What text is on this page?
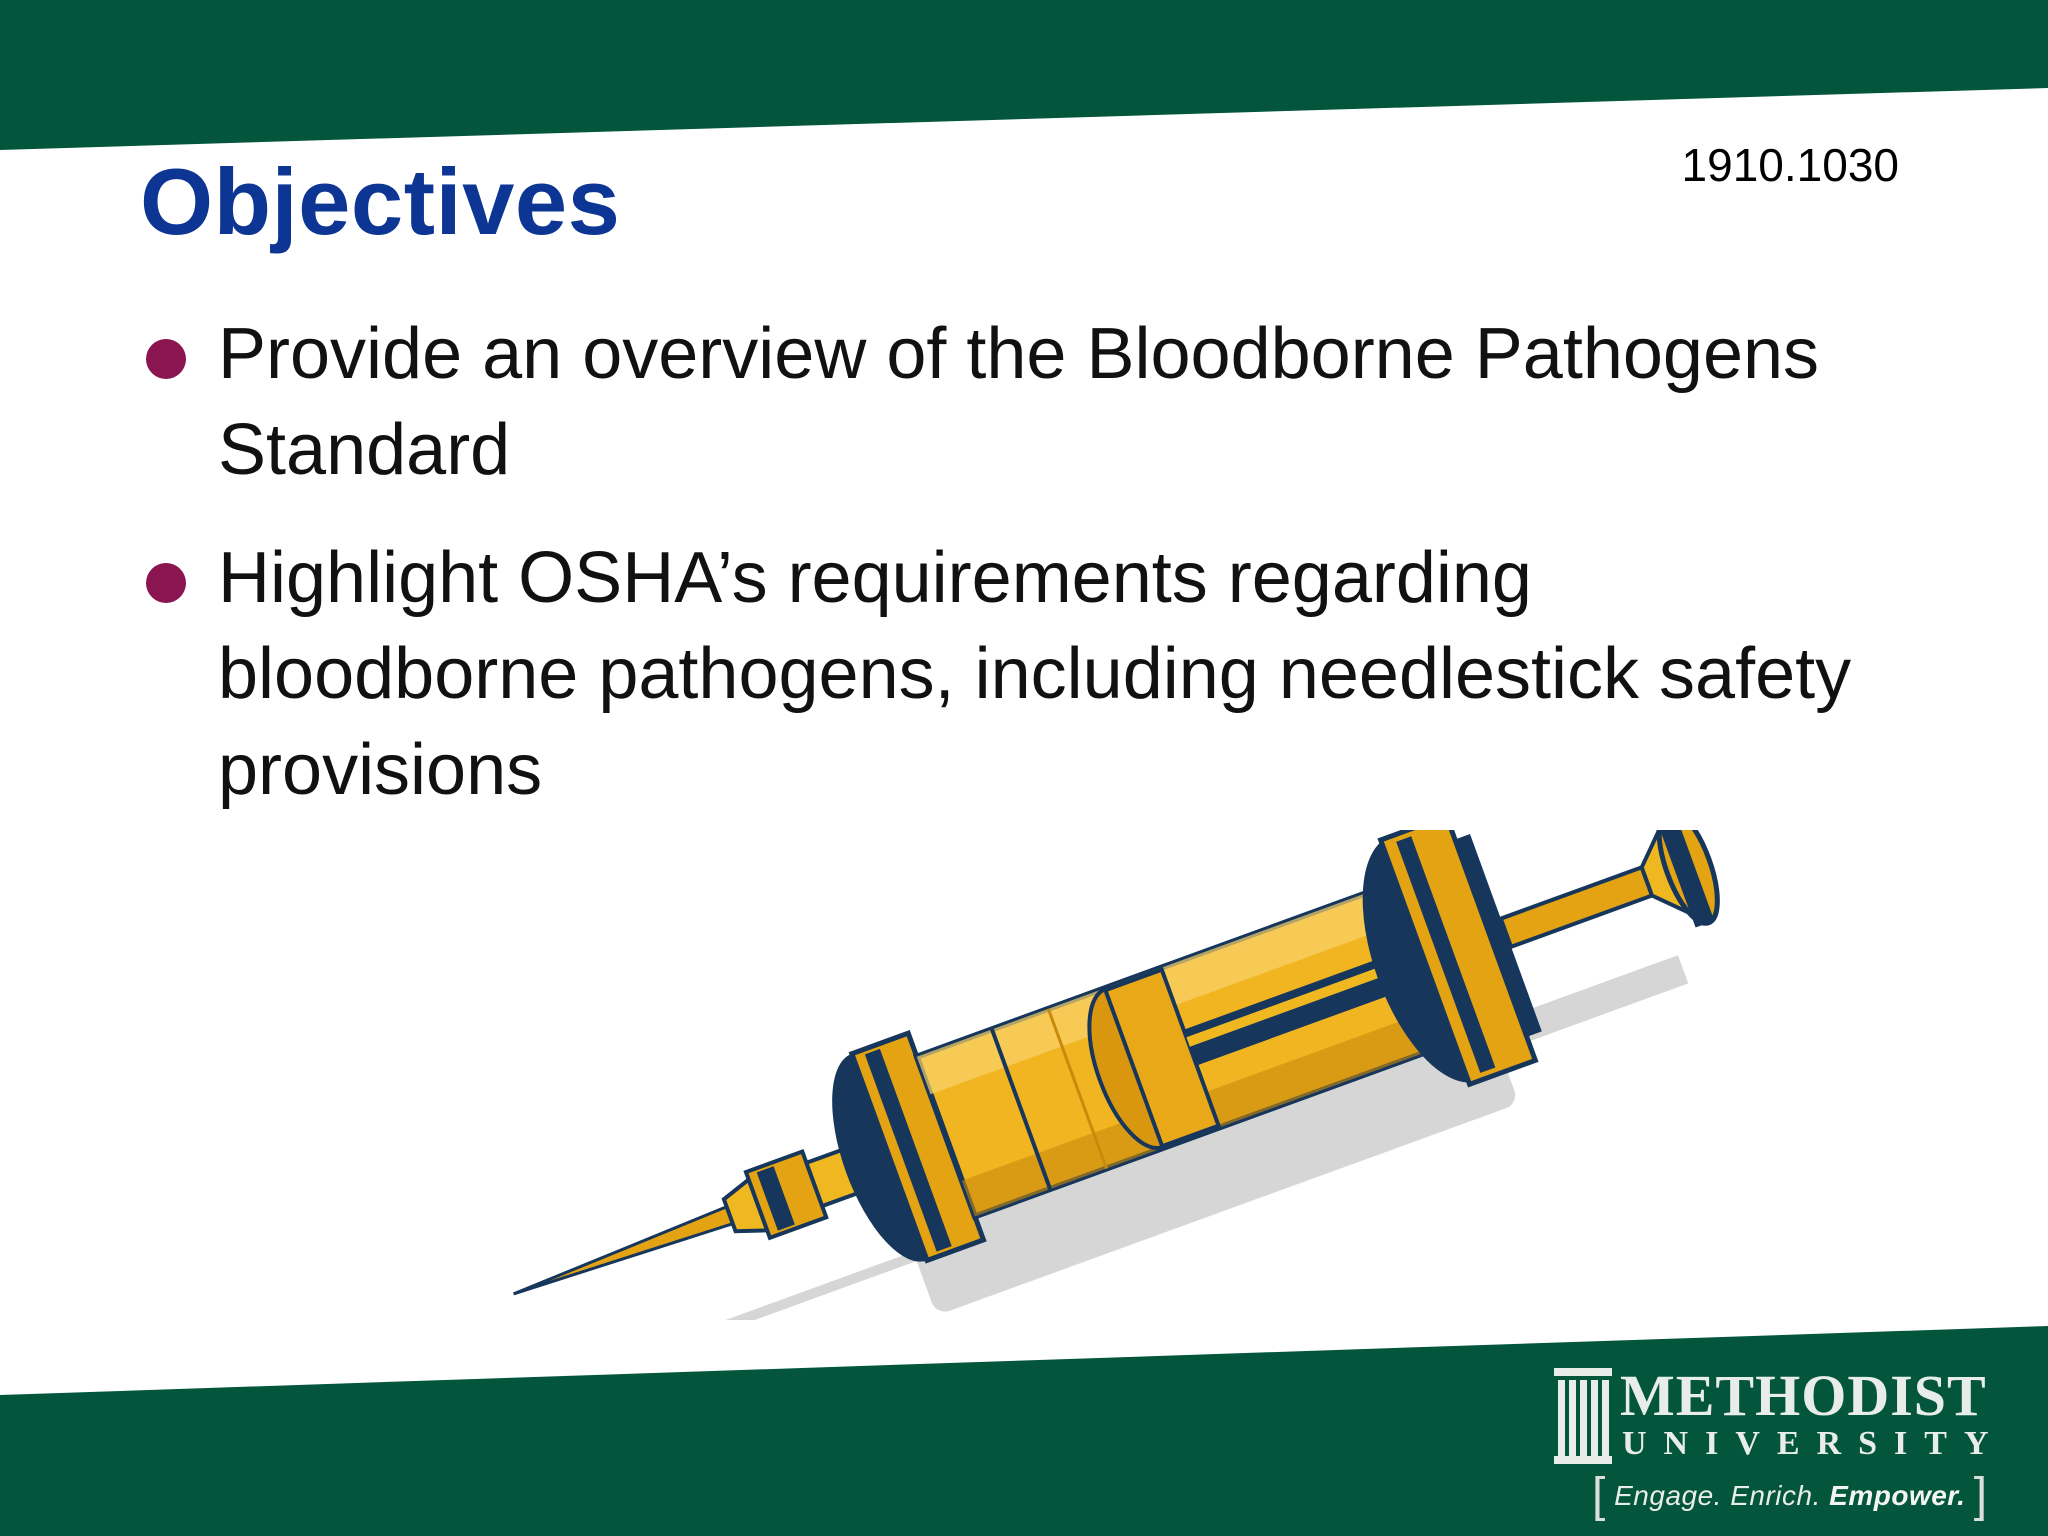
1910.1030
Objectives
Provide an overview of the Bloodborne Pathogens Standard
Highlight OSHA’s requirements regarding bloodborne pathogens, including needlestick safety provisions
METHODIST
UNIVERSITY
[ Engage. Enrich. Empower. ]
